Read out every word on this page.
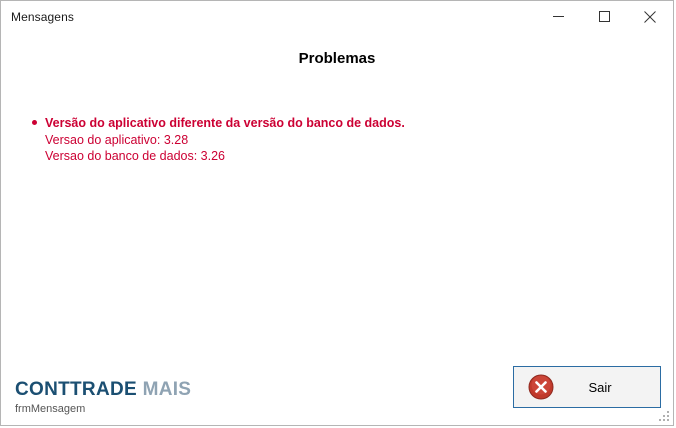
Mensagens
Problemas
Versão do aplicativo diferente da versão do banco de dados.
Versao do aplicativo: 3.28
Versao do banco de dados: 3.26
CONTTRADE MAIS
frmMensagem
Sair
